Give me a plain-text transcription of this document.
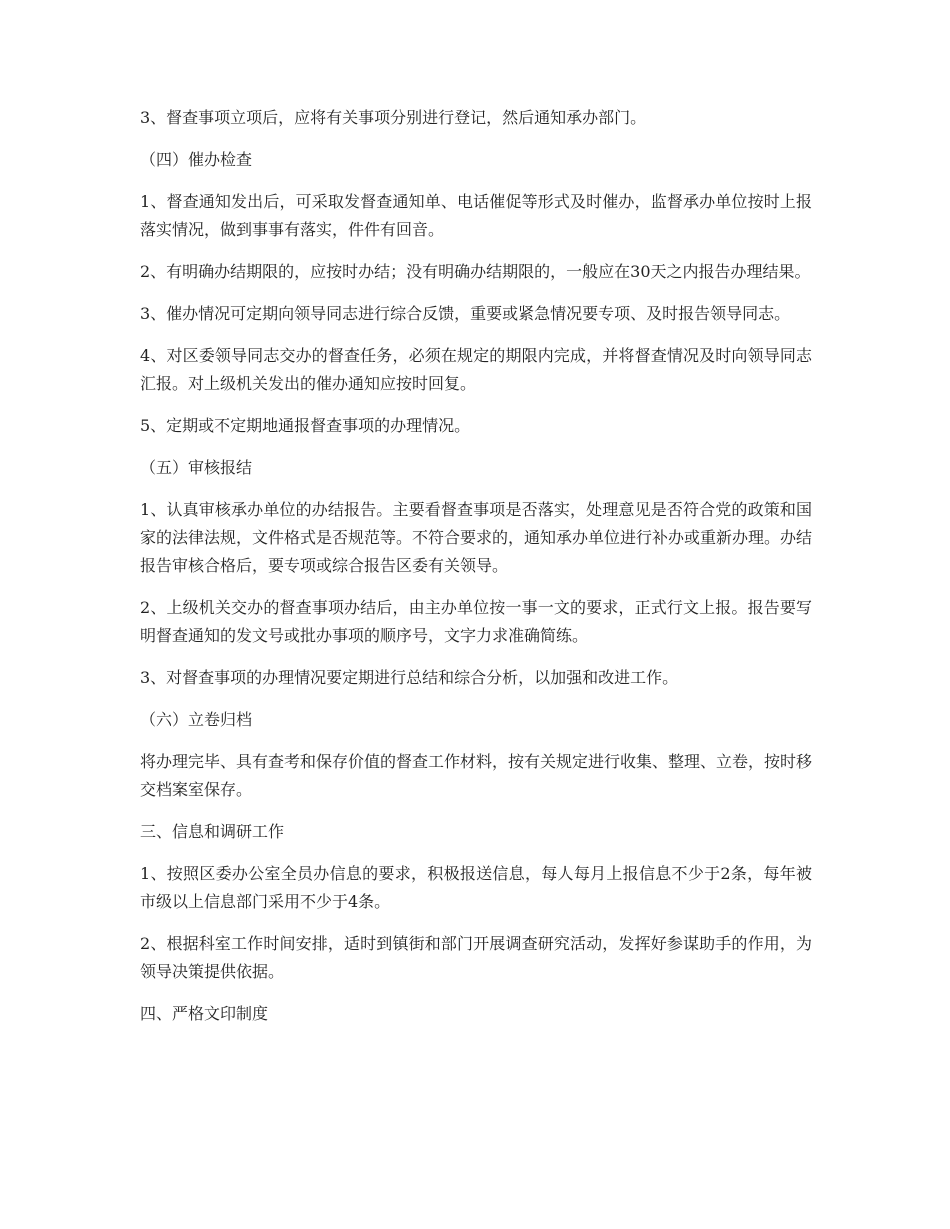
3、督查事项立项后，应将有关事项分别进行登记，然后通知承办部门。

（四）催办检查

1、督查通知发出后，可采取发督查通知单、电话催促等形式及时催办，监督承办单位按时上报落实情况，做到事事有落实，件件有回音。

2、有明确办结期限的，应按时办结；没有明确办结期限的，一般应在30天之内报告办理结果。

3、催办情况可定期向领导同志进行综合反馈，重要或紧急情况要专项、及时报告领导同志。

4、对区委领导同志交办的督查任务，必须在规定的期限内完成，并将督查情况及时向领导同志汇报。对上级机关发出的催办通知应按时回复。

5、定期或不定期地通报督查事项的办理情况。

（五）审核报结

1、认真审核承办单位的办结报告。主要看督查事项是否落实，处理意见是否符合党的政策和国家的法律法规，文件格式是否规范等。不符合要求的，通知承办单位进行补办或重新办理。办结报告审核合格后，要专项或综合报告区委有关领导。

2、上级机关交办的督查事项办结后，由主办单位按一事一文的要求，正式行文上报。报告要写明督查通知的发文号或批办事项的顺序号，文字力求准确简练。

3、对督查事项的办理情况要定期进行总结和综合分析，以加强和改进工作。

（六）立卷归档

将办理完毕、具有查考和保存价值的督查工作材料，按有关规定进行收集、整理、立卷，按时移交档案室保存。

三、信息和调研工作

1、按照区委办公室全员办信息的要求，积极报送信息，每人每月上报信息不少于2条，每年被市级以上信息部门采用不少于4条。

2、根据科室工作时间安排，适时到镇街和部门开展调查研究活动，发挥好参谋助手的作用，为领导决策提供依据。

四、严格文印制度
